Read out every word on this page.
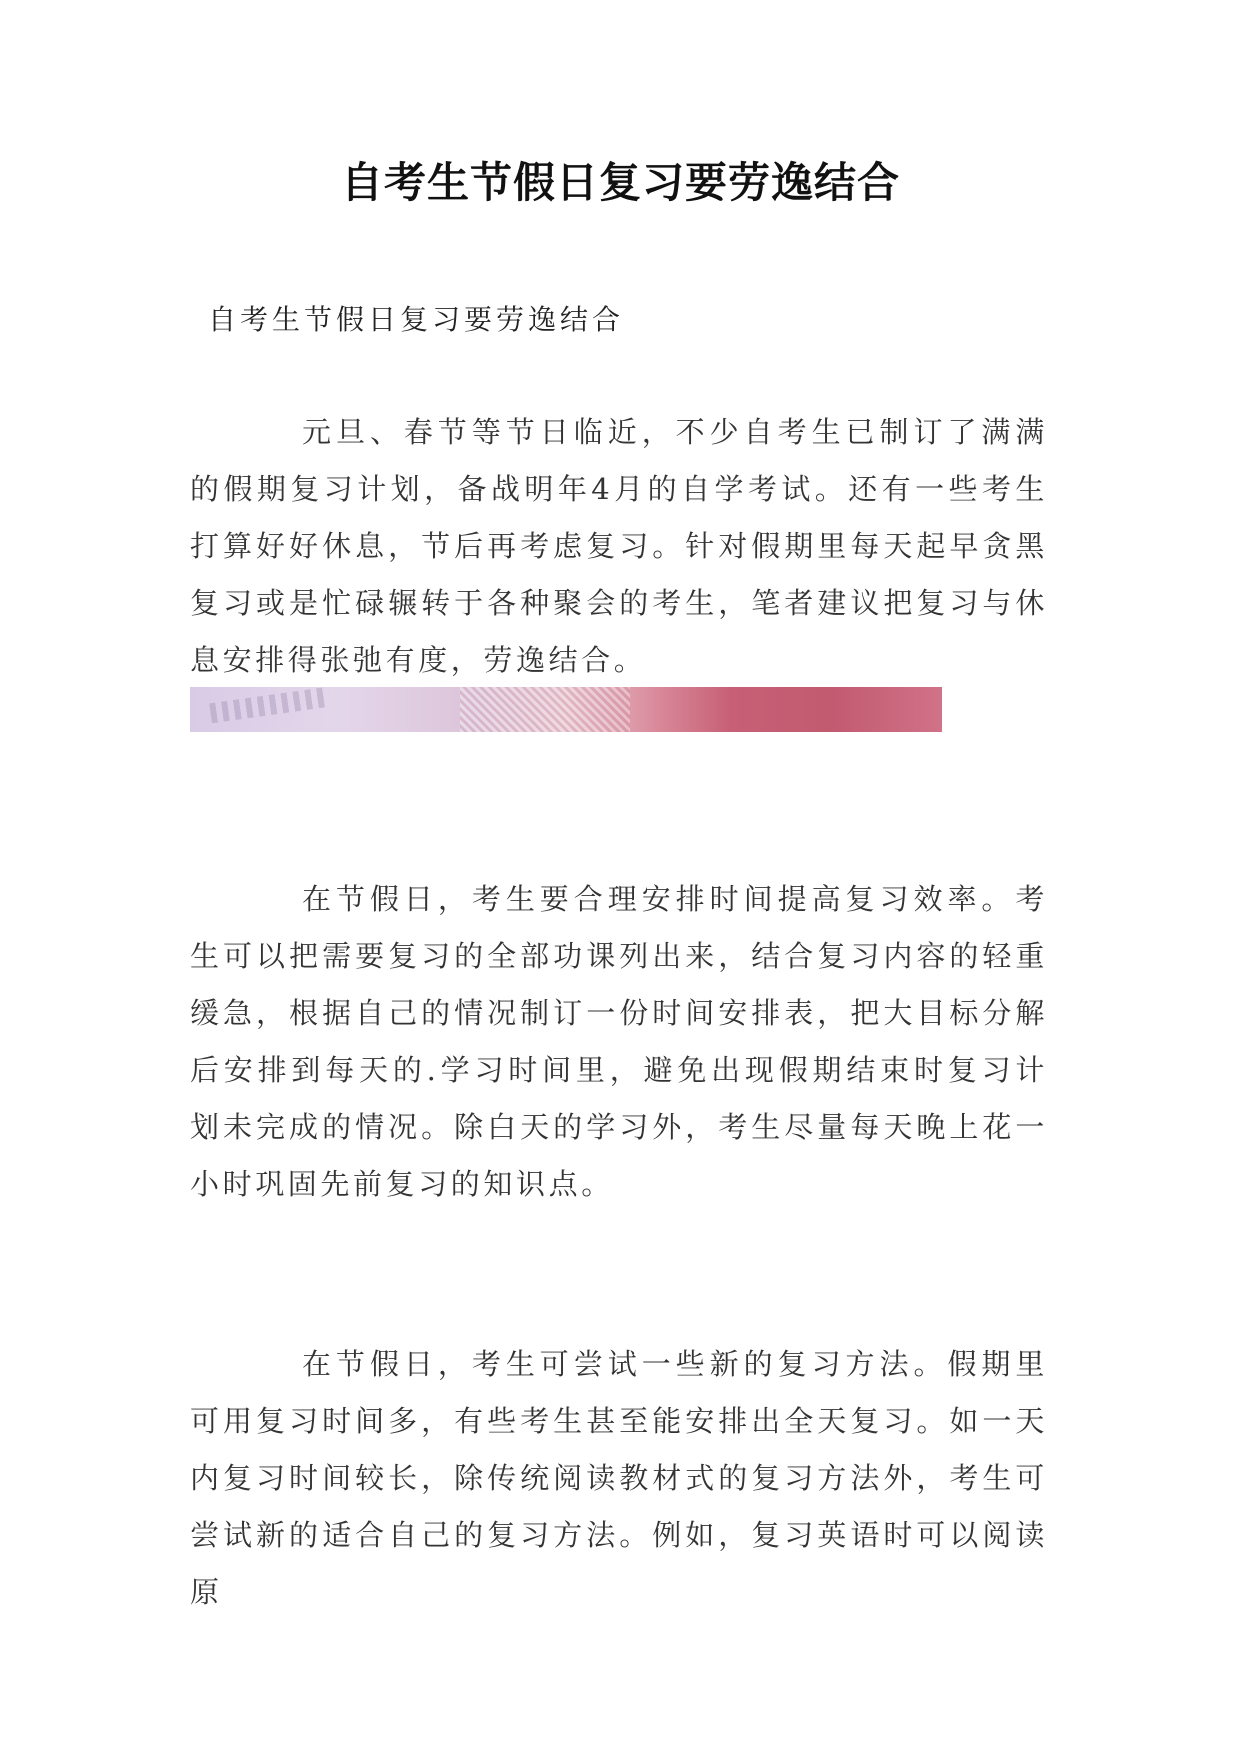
自考生节假日复习要劳逸结合

自考生节假日复习要劳逸结合

元旦、春节等节日临近，不少自考生已制订了满满的假期复习计划，备战明年4月的自学考试。还有一些考生打算好好休息，节后再考虑复习。针对假期里每天起早贪黑复习或是忙碌辗转于各种聚会的考生，笔者建议把复习与休息安排得张弛有度，劳逸结合。

在节假日，考生要合理安排时间提高复习效率。考生可以把需要复习的全部功课列出来，结合复习内容的轻重缓急，根据自己的情况制订一份时间安排表，把大目标分解后安排到每天的.学习时间里，避免出现假期结束时复习计划未完成的情况。除白天的学习外，考生尽量每天晚上花一小时巩固先前复习的知识点。

在节假日，考生可尝试一些新的复习方法。假期里可用复习时间多，有些考生甚至能安排出全天复习。如一天内复习时间较长，除传统阅读教材式的复习方法外，考生可尝试新的适合自己的复习方法。例如，复习英语时可以阅读原
